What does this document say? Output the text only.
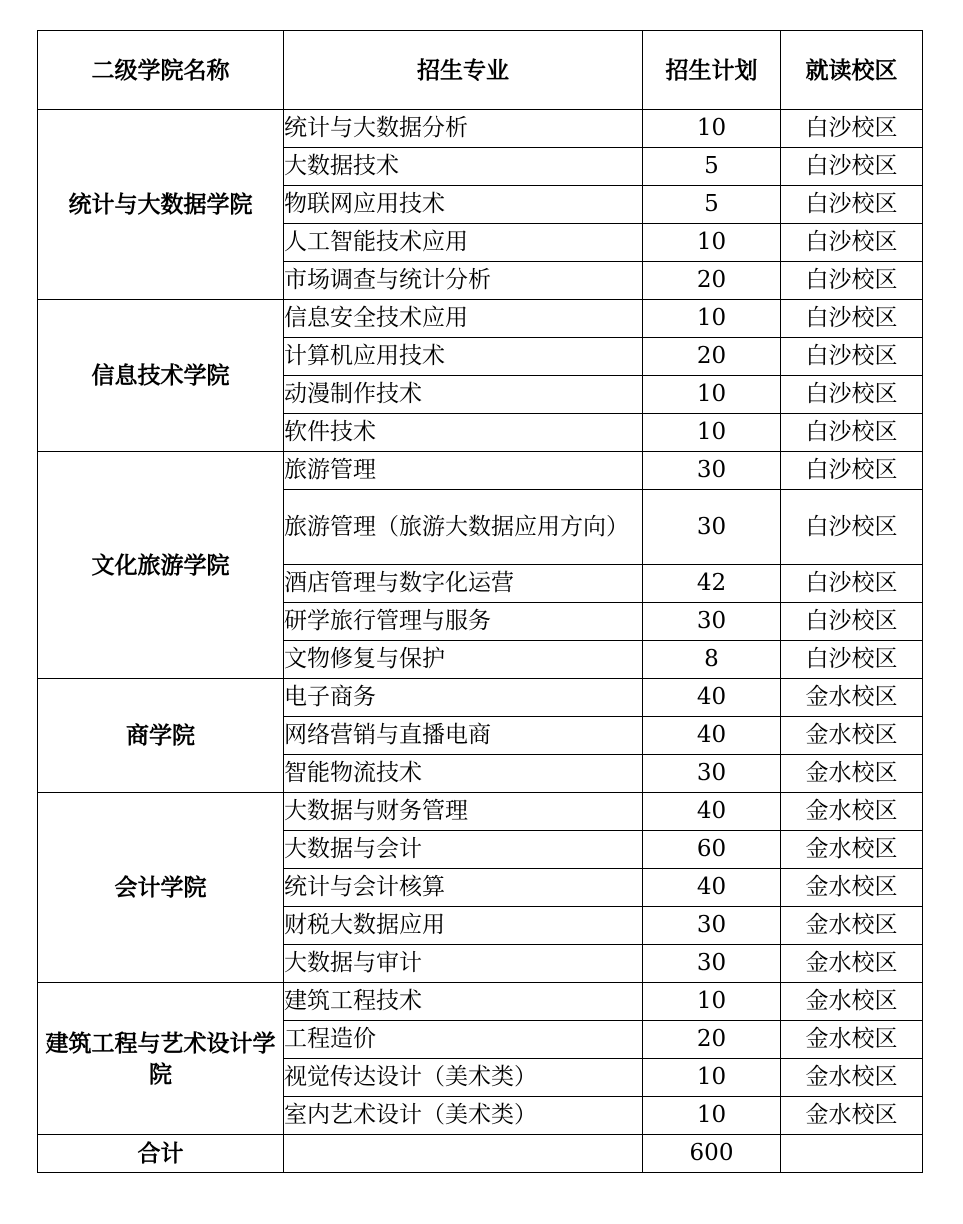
二级学院名称	招生专业	招生计划	就读校区
统计与大数据学院	统计与大数据分析	10	白沙校区
	大数据技术	5	白沙校区
	物联网应用技术	5	白沙校区
	人工智能技术应用	10	白沙校区
	市场调查与统计分析	20	白沙校区
信息技术学院	信息安全技术应用	10	白沙校区
	计算机应用技术	20	白沙校区
	动漫制作技术	10	白沙校区
	软件技术	10	白沙校区
文化旅游学院	旅游管理	30	白沙校区
	旅游管理（旅游大数据应用方向）	30	白沙校区
	酒店管理与数字化运营	42	白沙校区
	研学旅行管理与服务	30	白沙校区
	文物修复与保护	8	白沙校区
商学院	电子商务	40	金水校区
	网络营销与直播电商	40	金水校区
	智能物流技术	30	金水校区
会计学院	大数据与财务管理	40	金水校区
	大数据与会计	60	金水校区
	统计与会计核算	40	金水校区
	财税大数据应用	30	金水校区
	大数据与审计	30	金水校区
建筑工程与艺术设计学院	建筑工程技术	10	金水校区
	工程造价	20	金水校区
	视觉传达设计（美术类）	10	金水校区
	室内艺术设计（美术类）	10	金水校区
合计		600	
